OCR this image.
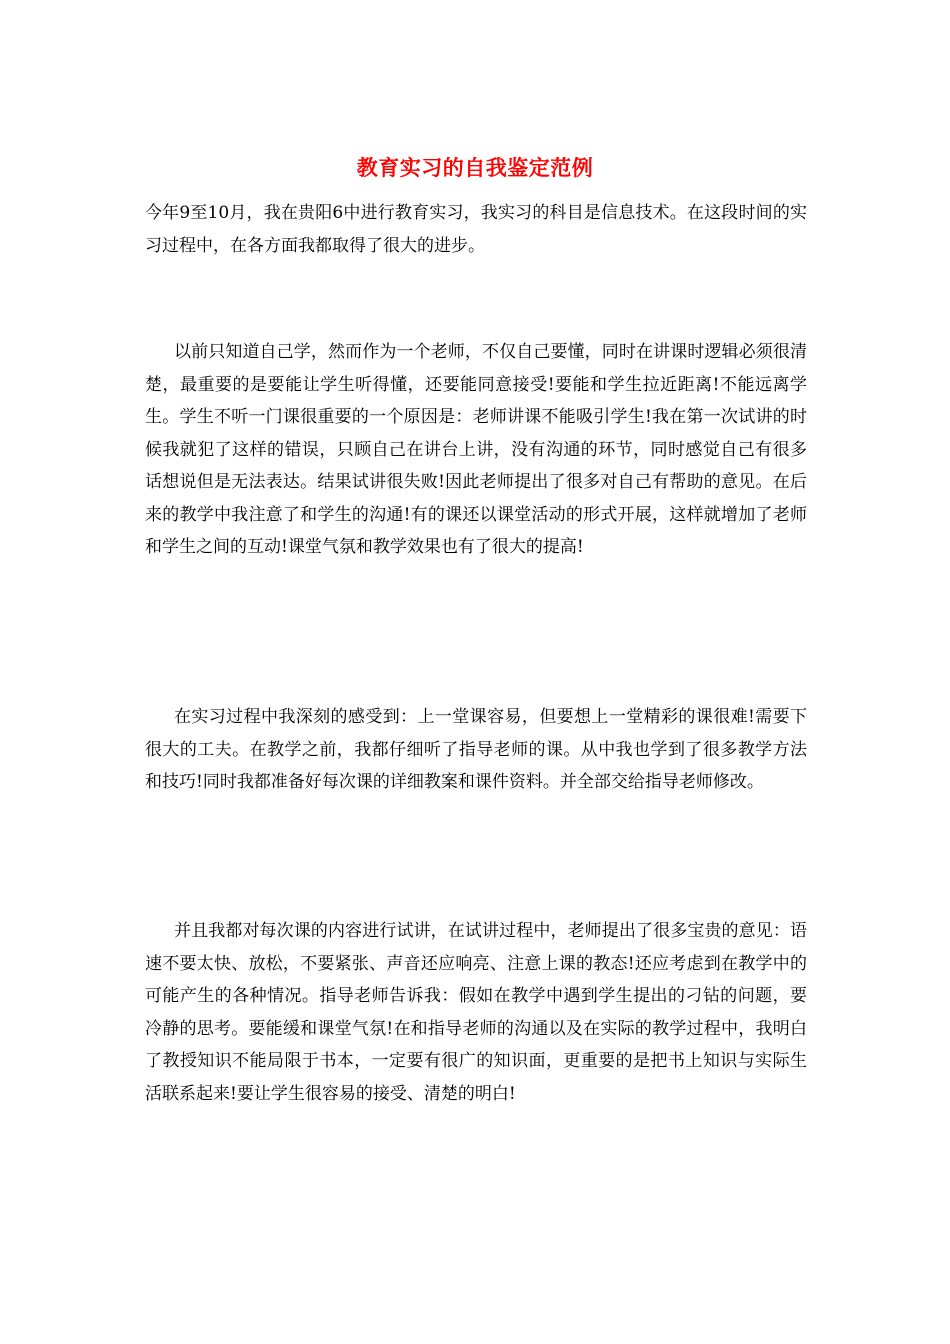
教育实习的自我鉴定范例

今年9至10月，我在贵阳6中进行教育实习，我实习的科目是信息技术。在这段时间的实习过程中，在各方面我都取得了很大的进步。

以前只知道自己学，然而作为一个老师，不仅自己要懂，同时在讲课时逻辑必须很清楚，最重要的是要能让学生听得懂，还要能同意接受!要能和学生拉近距离!不能远离学生。学生不听一门课很重要的一个原因是：老师讲课不能吸引学生!我在第一次试讲的时候我就犯了这样的错误，只顾自己在讲台上讲，没有沟通的环节，同时感觉自己有很多话想说但是无法表达。结果试讲很失败!因此老师提出了很多对自己有帮助的意见。在后来的教学中我注意了和学生的沟通!有的课还以课堂活动的形式开展，这样就增加了老师和学生之间的互动!课堂气氛和教学效果也有了很大的提高!

在实习过程中我深刻的感受到：上一堂课容易，但要想上一堂精彩的课很难!需要下很大的工夫。在教学之前，我都仔细听了指导老师的课。从中我也学到了很多教学方法和技巧!同时我都准备好每次课的详细教案和课件资料。并全部交给指导老师修改。

并且我都对每次课的内容进行试讲，在试讲过程中，老师提出了很多宝贵的意见：语速不要太快、放松，不要紧张、声音还应响亮、注意上课的教态!还应考虑到在教学中的可能产生的各种情况。指导老师告诉我：假如在教学中遇到学生提出的刁钻的问题，要冷静的思考。要能缓和课堂气氛!在和指导老师的沟通以及在实际的教学过程中，我明白了教授知识不能局限于书本，一定要有很广的知识面，更重要的是把书上知识与实际生活联系起来!要让学生很容易的接受、清楚的明白!
